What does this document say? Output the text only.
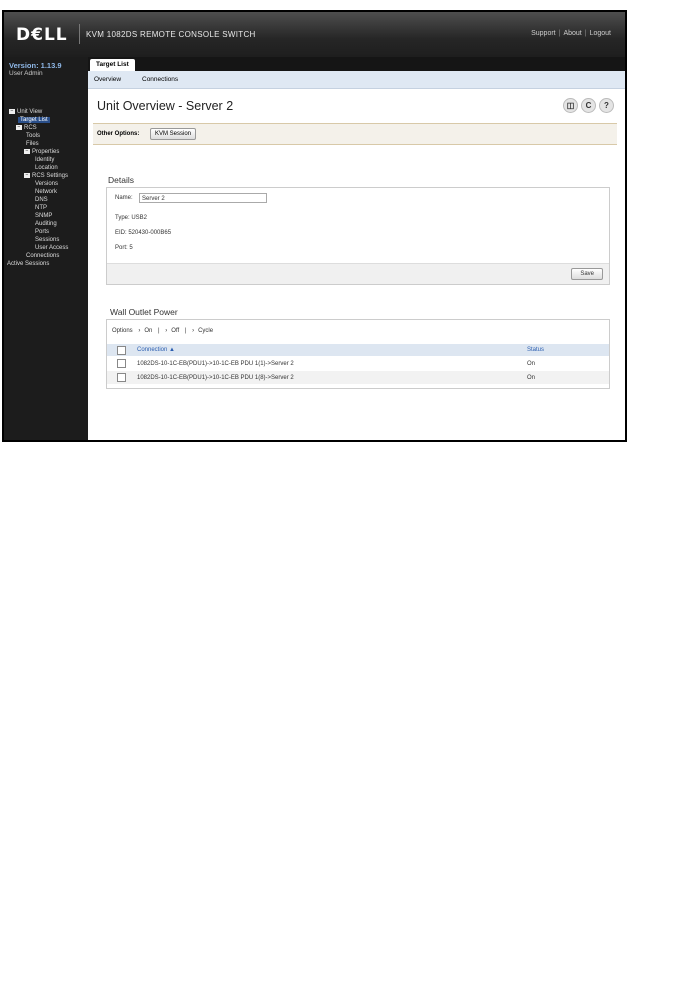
D€LL KVM 1082DS REMOTE CONSOLE SWITCH	Support | About | Logout
Version: 1.13.9
User Admin
− Unit View
Target List
− RCS
Tools
Files
− Properties
Identity
Location
− RCS Settings
Versions
Network
DNS
NTP
SNMP
Auditing
Ports
Sessions
User Access
Connections
Active Sessions
Target List
Overview	Connections
Unit Overview - Server 2	◫	C	?
Other Options:	KVM Session
Details
Name:	Server 2
Type: USB2
EID: 520430-000B65
Port: 5
Save
Wall Outlet Power
Options › On | › Off | › Cycle
Connection ▲	Status
1082DS-10-1C-EB(PDU1)->10-1C-EB PDU 1(1)->Server 2	On
1082DS-10-1C-EB(PDU1)->10-1C-EB PDU 1(8)->Server 2	On
